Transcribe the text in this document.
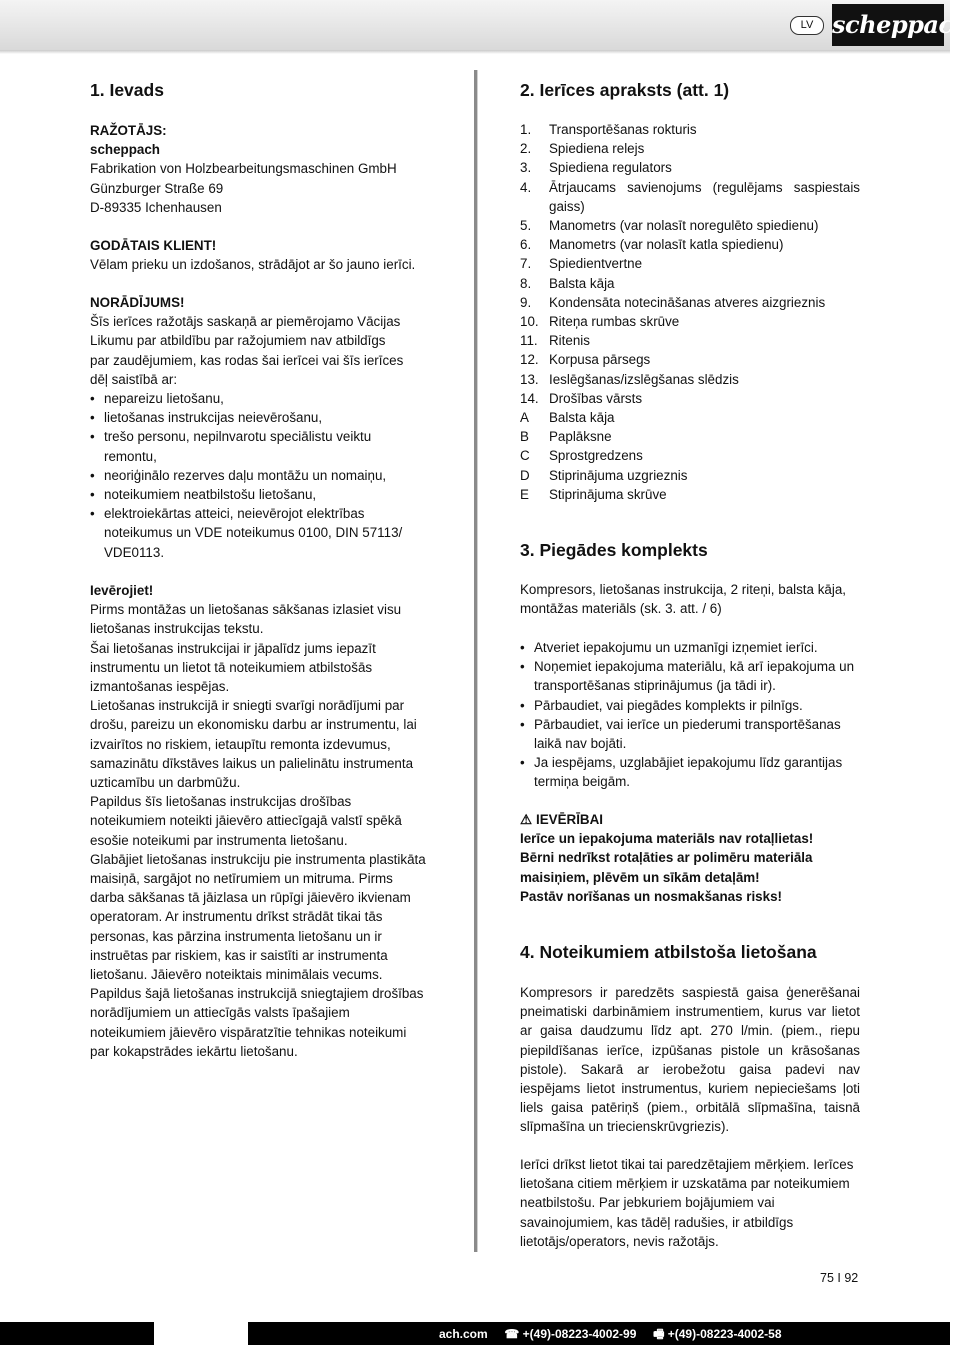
LV scheppach
1. Ievads

RAŽOTĀJS:

scheppach

Fabrikation von Holzbearbeitungsmaschinen GmbH

Günzburger Straße 69

D-89335 Ichenhausen

GODĀTAIS KLIENT!

Vēlam prieku un izdošanos, strādājot ar šo jauno ierīci.

NORĀDĪJUMS!

Šīs ierīces ražotājs saskaņā ar piemērojamo Vācijas Likumu par atbildību par ražojumiem nav atbildīgs par zaudējumiem, kas rodas šai ierīcei vai šīs ierīces dēļ saistībā ar:

• nepareizu lietošanu,
• lietošanas instrukcijas neievērošanu,
• trešo personu, nepilnvarotu speciālistu veiktu remontu,
• neoriģinālo rezerves daļu montāžu un nomaiņu,
• noteikumiem neatbilstošu lietošanu,
• elektroiekārtas atteici, neievērojot elektrības noteikumus un VDE noteikumus 0100, DIN 57113/ VDE0113.

Ievērojiet!

Pirms montāžas un lietošanas sākšanas izlasiet visu lietošanas instrukcijas tekstu.

Šai lietošanas instrukcijai ir jāpalīdz jums iepazīt instrumentu un lietot tā noteikumiem atbilstošās izmantošanas iespējas.

Lietošanas instrukcijā ir sniegti svarīgi norādījumi par drošu, pareizu un ekonomisku darbu ar instrumentu, lai izvairītos no riskiem, ietaupītu remonta izdevumus, samazinātu dīkstāves laikus un palielinātu instrumenta uzticamību un darbmūžu.

Papildus šīs lietošanas instrukcijas drošības noteikumiem noteikti jāievēro attiecīgajā valstī spēkā esošie noteikumi par instrumenta lietošanu.

Glabājiet lietošanas instrukciju pie instrumenta plastikāta maisiņā, sargājot no netīrumiem un mitruma. Pirms darba sākšanas tā jāizlasa un rūpīgi jāievēro ikvienam operatoram. Ar instrumentu drīkst strādāt tikai tās personas, kas pārzina instrumenta lietošanu un ir instruētas par riskiem, kas ir saistīti ar instrumenta lietošanu. Jāievēro noteiktais minimālais vecums.

Papildus šajā lietošanas instrukcijā sniegtajiem drošības norādījumiem un attiecīgās valsts īpašajiem noteikumiem jāievēro vispāratzītie tehnikas noteikumi par kokapstrādes iekārtu lietošanu.

2. Ierīces apraksts (att. 1)
1. Transportēšanas rokturis
2. Spiediena relejs
3. Spiediena regulators
4. Ātrjaucams savienojums (regulējams saspiestais gaiss)
5. Manometrs (var nolasīt noregulēto spiedienu)
6. Manometrs (var nolasīt katla spiedienu)
7. Spiedientvertne
8. Balsta kāja
9. Kondensāta notecināšanas atveres aizgrieznis
10. Riteņa rumbas skrūve
11. Ritenis
12. Korpusa pārsegs
13. Ieslēgšanas/izslēgšanas slēdzis
14. Drošības vārsts
A Balsta kāja
B Paplāksne
C Sprostgredzens
D Stiprinājuma uzgrieznis
E Stiprinājuma skrūve
3. Piegādes komplekts

Kompresors, lietošanas instrukcija, 2 riteņi, balsta kāja, montāžas materiāls (sk. 3. att. / 6)

• Atveriet iepakojumu un uzmanīgi izņemiet ierīci.
• Noņemiet iepakojuma materiālu, kā arī iepakojuma un transportēšanas stiprinājumus (ja tādi ir).
• Pārbaudiet, vai piegādes komplekts ir pilnīgs.
• Pārbaudiet, vai ierīce un piederumi transportēšanas laikā nav bojāti.
• Ja iespējams, uzglabājiet iepakojumu līdz garantijas termiņa beigām.

⚠ IEVĒRĪBAI

Ierīce un iepakojuma materiāls nav rotaļlietas!

Bērni nedrīkst rotaļāties ar polimēru materiāla maisiņiem, plēvēm un sīkām detaļām!

Pastāv norīšanas un nosmakšanas risks!

4. Noteikumiem atbilstoša lietošana

Kompresors ir paredzēts saspiestā gaisa ģenerēšanai pneimatiski darbināmiem instrumentiem, kurus var lietot ar gaisa daudzumu līdz apt. 270 l/min. (piem., riepu piepildīšanas ierīce, izpūšanas pistole un krāsošanas pistole). Sakarā ar ierobežotu gaisa padevi nav iespējams lietot instrumentus, kuriem nepieciešams ļoti liels gaisa patēriņš (piem., orbitālā slīpmašīna, taisnā slīpmašīna un triecienskrūvgriezis).

Ierīci drīkst lietot tikai tai paredzētajiem mērķiem. Ierīces lietošana citiem mērķiem ir uzskatāma par noteikumiem neatbilstošu. Par jebkuriem bojājumiem vai savainojumiem, kas tādēļ radušies, ir atbildīgs lietotājs/operators, nevis ražotājs.

75 I 92
ach.com ☎ +(49)-08223-4002-99 🖷 +(49)-08223-4002-58
